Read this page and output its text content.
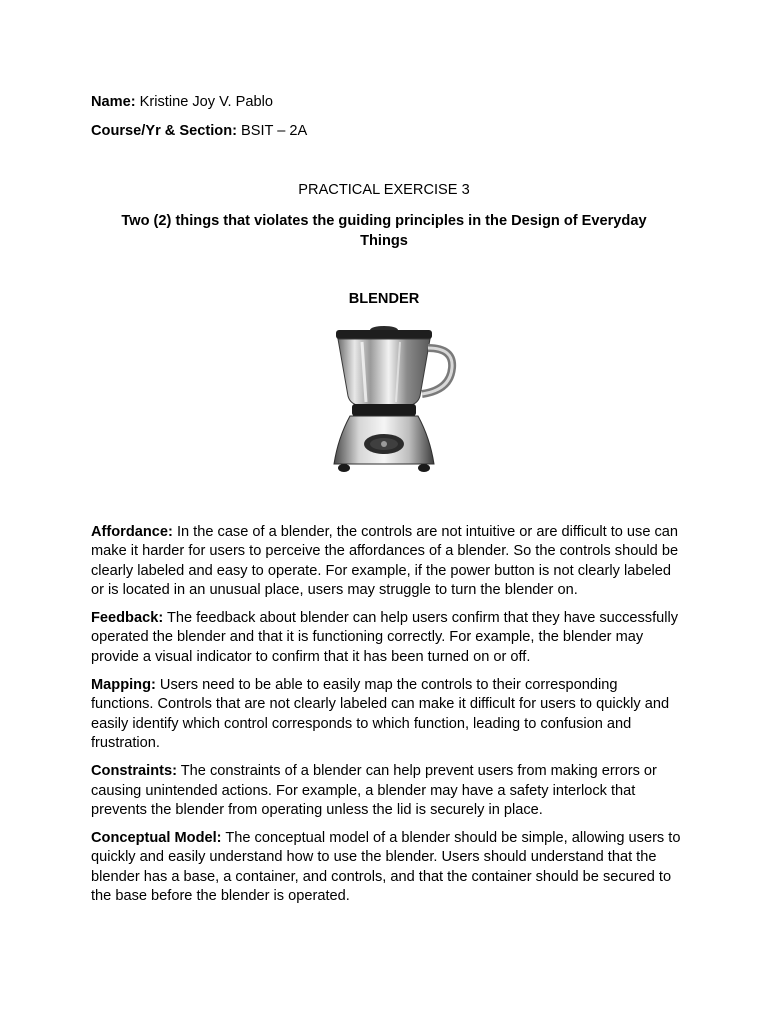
Name: Kristine Joy V. Pablo
Course/Yr & Section: BSIT – 2A
PRACTICAL EXERCISE 3
Two (2) things that violates the guiding principles in the Design of Everyday Things
BLENDER

Affordance: In the case of a blender, the controls are not intuitive or are difficult to use can make it harder for users to perceive the affordances of a blender. So the controls should be clearly labeled and easy to operate. For example, if the power button is not clearly labeled or is located in an unusual place, users may struggle to turn the blender on.

Feedback: The feedback about blender can help users confirm that they have successfully operated the blender and that it is functioning correctly. For example, the blender may provide a visual indicator to confirm that it has been turned on or off.

Mapping: Users need to be able to easily map the controls to their corresponding functions. Controls that are not clearly labeled can make it difficult for users to quickly and easily identify which control corresponds to which function, leading to confusion and frustration.

Constraints: The constraints of a blender can help prevent users from making errors or causing unintended actions. For example, a blender may have a safety interlock that prevents the blender from operating unless the lid is securely in place.

Conceptual Model: The conceptual model of a blender should be simple, allowing users to quickly and easily understand how to use the blender. Users should understand that the blender has a base, a container, and controls, and that the container should be secured to the base before the blender is operated.
